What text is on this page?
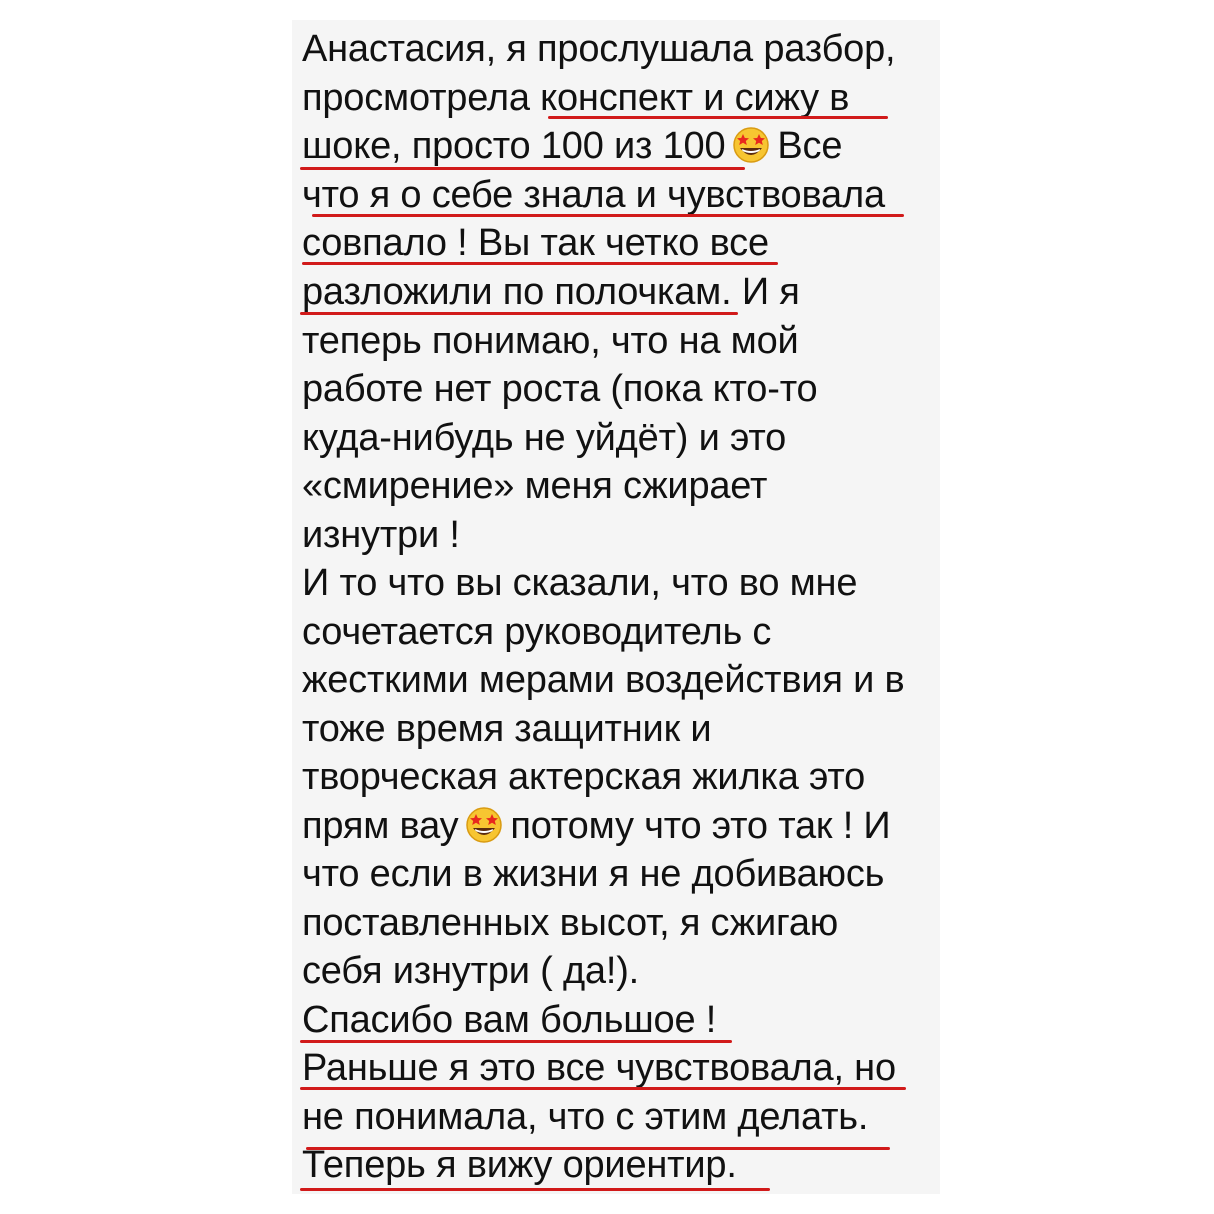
Анастасия, я прослушала разбор,
просмотрела конспект и сижу в
шоке, просто 100 из 100 Все
что я о себе знала и чувствовала
совпало ! Вы так четко все
разложили по полочкам. И я
теперь понимаю, что на мой
работе нет роста (пока кто-то
куда-нибудь не уйдёт) и это
«смирение» меня сжирает
изнутри !
И то что вы сказали, что во мне
сочетается руководитель с
жесткими мерами воздействия и в
тоже время защитник и
творческая актерская жилка это
прям вау потому что это так ! И
что если в жизни я не добиваюсь
поставленных высот, я сжигаю
себя изнутри ( да!).
Спасибо вам большое !
Раньше я это все чувствовала, но
не понимала, что с этим делать.
Теперь я вижу ориентир.
